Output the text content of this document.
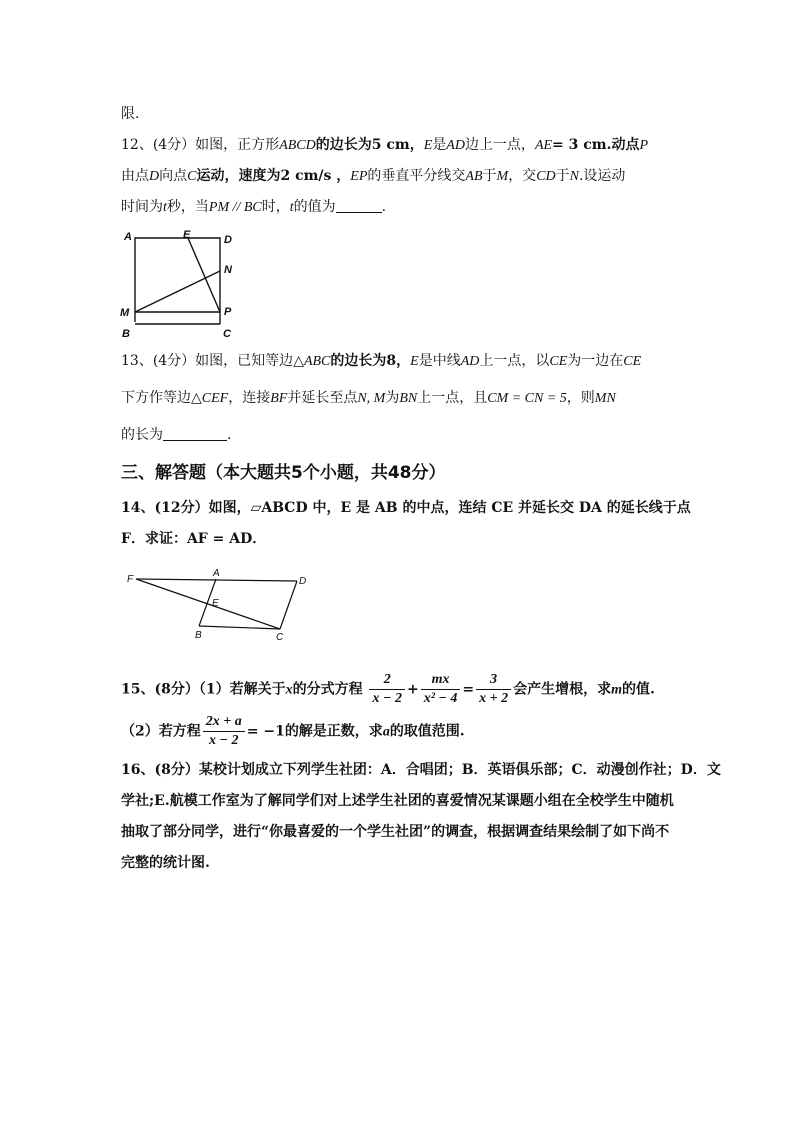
限.
12、(4分）如图，正方形ABCD的边长为5 cm，E是AD边上一点，AE= 3 cm.动点P
由点D向点C运动，速度为2 cm/s ，EP的垂直平分线交AB于M，交CD于N.设运动
时间为t秒，当PM // BC时，t的值为	.
A	E	D
N
M	P
B	C
13、(4分）如图，已知等边△ABC的边长为8，E是中线AD上一点，以CE为一边在CE
下方作等边△CEF，连接BF并延长至点N, M为BN上一点，且CM = CN = 5，则MN
的长为	.
三、解答题（本大题共5个小题，共48分）
14、(12分）如图，▱ABCD 中，E 是 AB 的中点，连结 CE 并延长交 DA 的延长线于点
F．求证：AF = AD．
F
A
D
E
B	C
15、(8分）（1）若解关于x的分式方程 $\frac{2}{x - 2} + \frac{mx}{\text{x² − 4}} = \frac{3}{x + 2}$ 会产生增根，求m的值.
（2）若方程 $\frac{2x + a}{x - 2} = -1$的解是正数，求a的取值范围.
16、(8分）某校计划成立下列学生社团：A．合唱团；B．英语俱乐部；C．动漫创作社；D．文
学社;E.航模工作室为了解同学们对上述学生社团的喜爱情况某课题小组在全校学生中随机
抽取了部分同学，进行“你最喜爱的一个学生社团”的调查，根据调查结果绘制了如下尚不
完整的统计图.
